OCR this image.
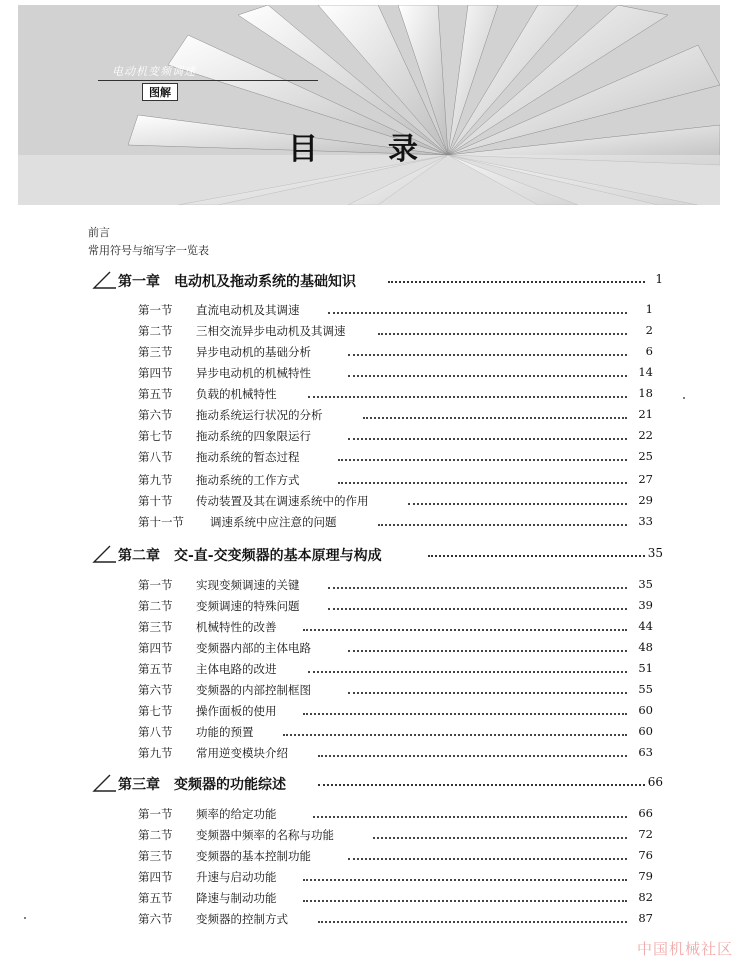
电动机变频调速
图解
目录
前言
常用符号与缩写字一览表
第一章　电动机及拖动系统的基础知识	1
第一节 直流电动机及其调速	1
第二节 三相交流异步电动机及其调速	2
第三节 异步电动机的基础分析	6
第四节 异步电动机的机械特性	14
第五节 负载的机械特性	18
第六节 拖动系统运行状况的分析	21
第七节 拖动系统的四象限运行	22
第八节 拖动系统的暂态过程	25
第九节 拖动系统的工作方式	27
第十节 传动装置及其在调速系统中的作用	29
第十一节 调速系统中应注意的问题	33
第二章　交-直-交变频器的基本原理与构成	35
第一节 实现变频调速的关键	35
第二节 变频调速的特殊问题	39
第三节 机械特性的改善	44
第四节 变频器内部的主体电路	48
第五节 主体电路的改进	51
第六节 变频器的内部控制框图	55
第七节 操作面板的使用	60
第八节 功能的预置	60
第九节 常用逆变模块介绍	63
第三章　变频器的功能综述	66
第一节 频率的给定功能	66
第二节 变频器中频率的名称与功能	72
第三节 变频器的基本控制功能	76
第四节 升速与启动功能	79
第五节 降速与制动功能	82
第六节 变频器的控制方式	87
中国机械社区
